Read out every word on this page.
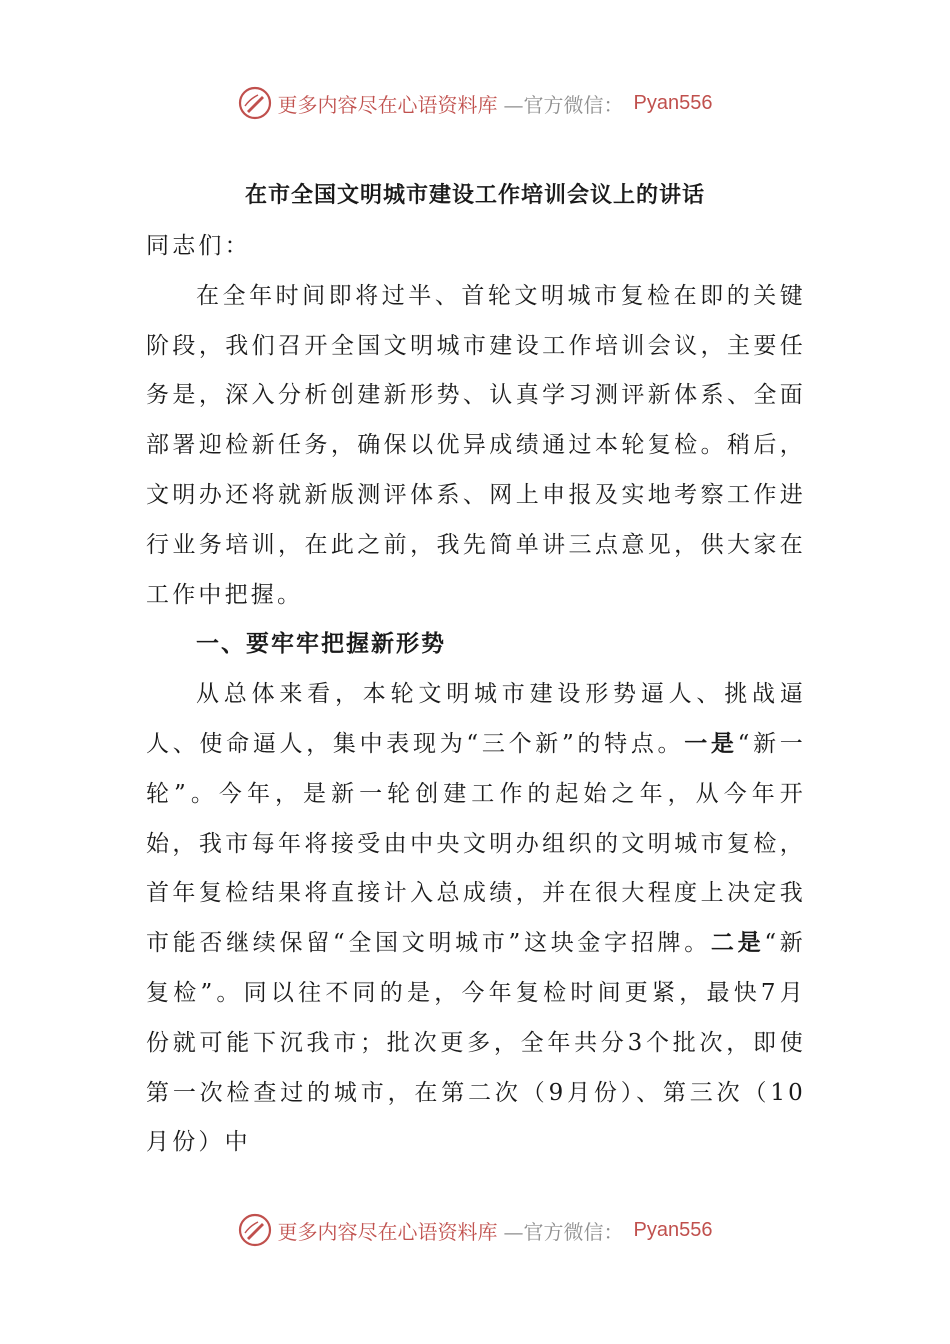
更多内容尽在心语资料库 —官方微信： Pyan556
在市全国文明城市建设工作培训会议上的讲话

同志们：

在全年时间即将过半、首轮文明城市复检在即的关键阶段，我们召开全国文明城市建设工作培训会议，主要任务是，深入分析创建新形势、认真学习测评新体系、全面部署迎检新任务，确保以优异成绩通过本轮复检。稍后，文明办还将就新版测评体系、网上申报及实地考察工作进行业务培训，在此之前，我先简单讲三点意见，供大家在工作中把握。

一、要牢牢把握新形势

从总体来看，本轮文明城市建设形势逼人、挑战逼人、使命逼人，集中表现为“三个新”的特点。一是“新一轮”。今年，是新一轮创建工作的起始之年，从今年开始，我市每年将接受由中央文明办组织的文明城市复检，首年复检结果将直接计入总成绩，并在很大程度上决定我市能否继续保留“全国文明城市”这块金字招牌。二是“新复检”。同以往不同的是，今年复检时间更紧，最快7月份就可能下沉我市；批次更多，全年共分3个批次，即使第一次检查过的城市，在第二次（9月份）、第三次（10月份）中

更多内容尽在心语资料库 —官方微信： Pyan556
